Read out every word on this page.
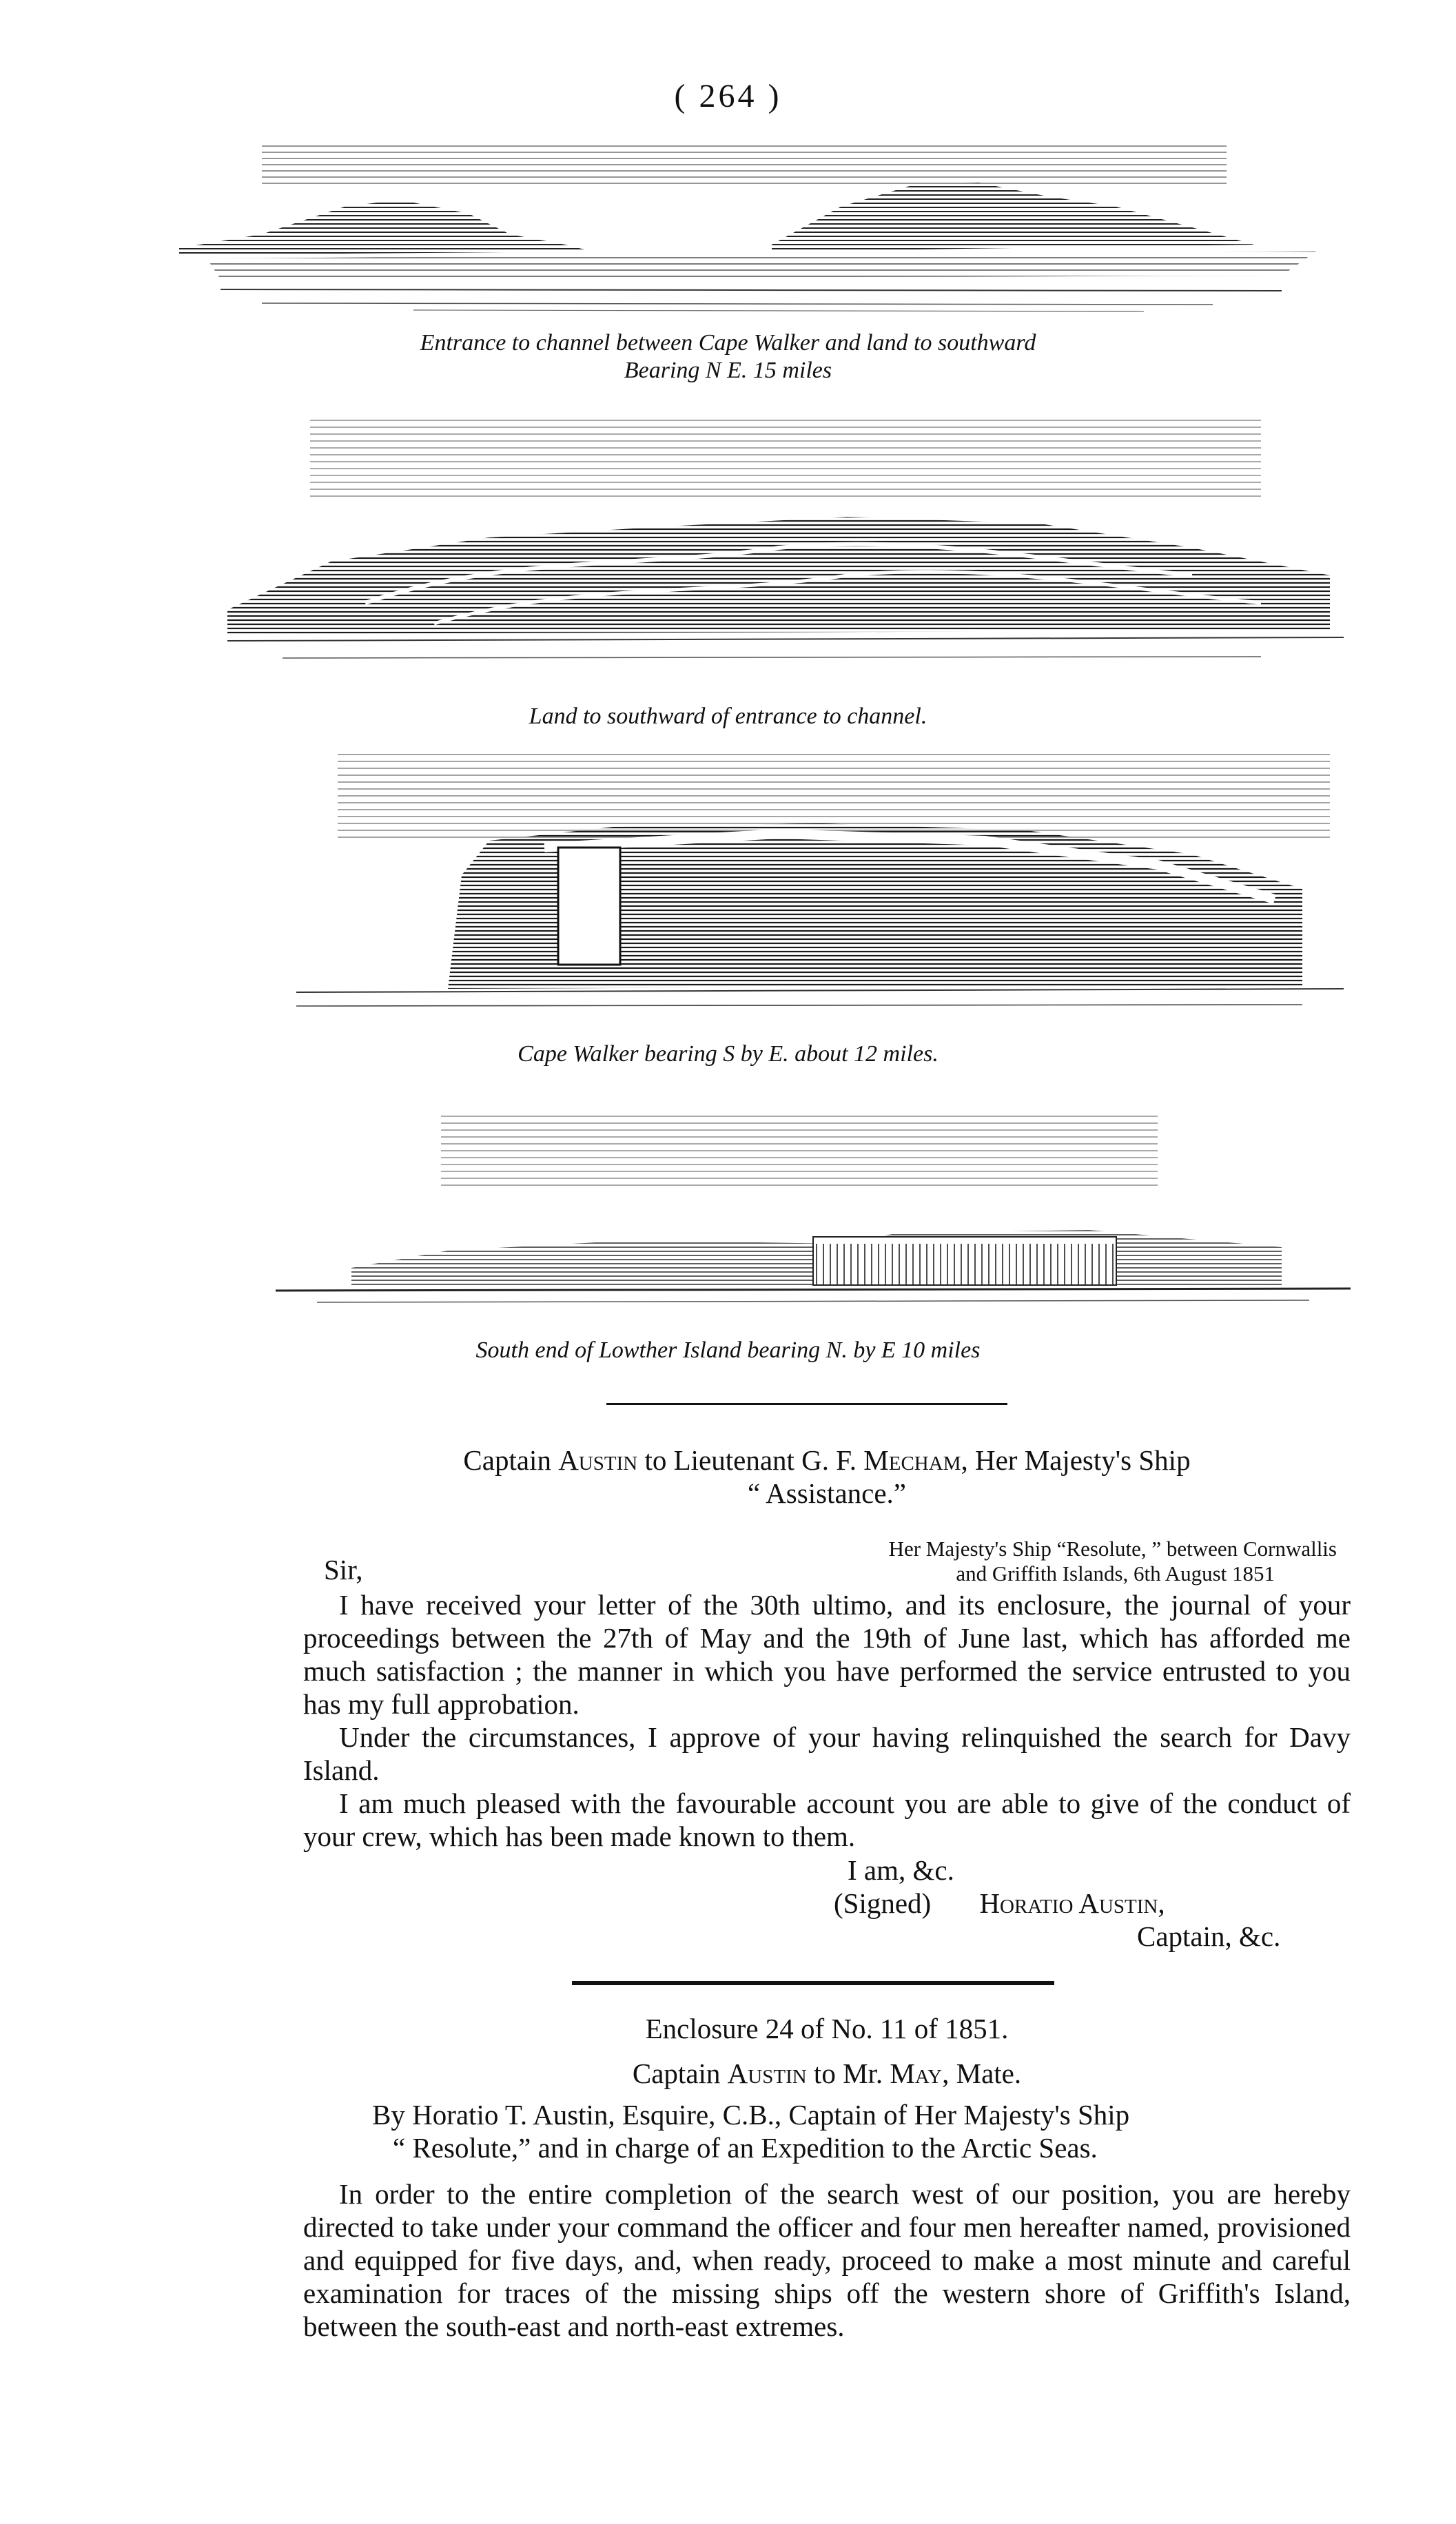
( 264 )
Entrance to channel between Cape Walker and land to southward
Bearing N E. 15 miles
Land to southward of entrance to channel.
Cape Walker bearing S by E. about 12 miles.
South end of Lowther Island bearing N. by E 10 miles
Captain Austin to Lieutenant G. F. Mecham, Her Majesty's Ship
“ Assistance.”
Her Majesty's Ship “Resolute, ” between Cornwallis
and Griffith Islands, 6th August 1851
Sir,
I have received your letter of the 30th ultimo, and its enclosure, the journal of your proceedings between the 27th of May and the 19th of June last, which has afforded me much satisfaction ; the manner in which you have performed the service entrusted to you has my full approbation.
Under the circumstances, I approve of your having relinquished the search for Davy Island.
I am much pleased with the favourable account you are able to give of the conduct of your crew, which has been made known to them.
I am, &c.
(Signed) Horatio Austin,
Captain, &c.
Enclosure 24 of No. 11 of 1851.
Captain Austin to Mr. May, Mate.
By Horatio T. Austin, Esquire, C.B., Captain of Her Majesty's Ship
“ Resolute,” and in charge of an Expedition to the Arctic Seas.
In order to the entire completion of the search west of our position, you are hereby directed to take under your command the officer and four men hereafter named, provisioned and equipped for five days, and, when ready, proceed to make a most minute and careful examination for traces of the missing ships off the western shore of Griffith's Island, between the south-east and north-east extremes.
